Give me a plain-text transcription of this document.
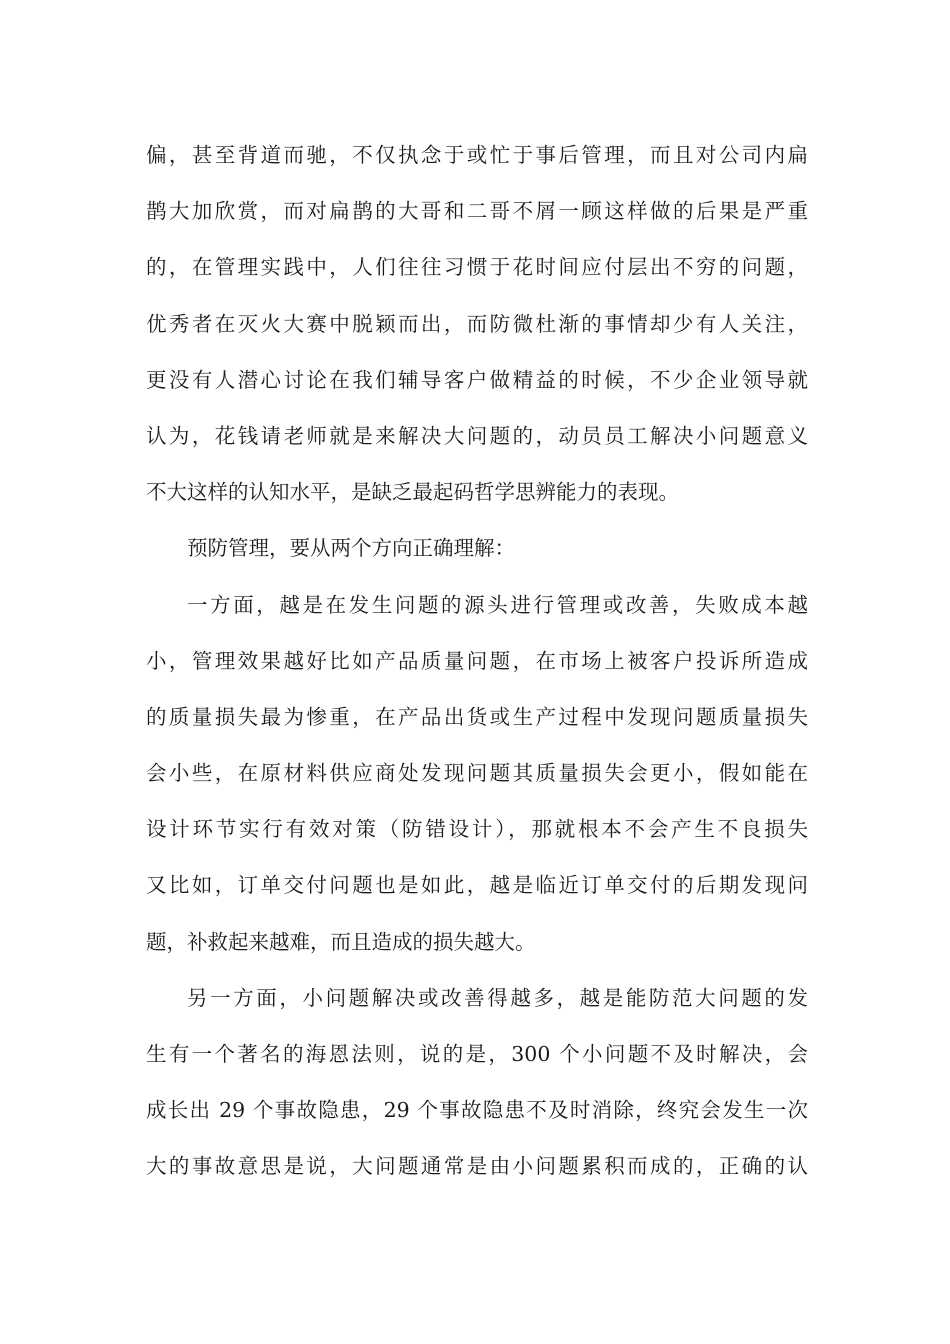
偏，甚至背道而驰，不仅执念于或忙于事后管理，而且对公司内扁
鹊大加欣赏，而对扁鹊的大哥和二哥不屑一顾这样做的后果是严重
的，在管理实践中，人们往往习惯于花时间应付层出不穷的问题，
优秀者在灭火大赛中脱颖而出，而防微杜渐的事情却少有人关注，
更没有人潜心讨论在我们辅导客户做精益的时候，不少企业领导就
认为，花钱请老师就是来解决大问题的，动员员工解决小问题意义
不大这样的认知水平，是缺乏最起码哲学思辨能力的表现。
预防管理，要从两个方向正确理解：
一方面，越是在发生问题的源头进行管理或改善，失败成本越
小，管理效果越好比如产品质量问题，在市场上被客户投诉所造成
的质量损失最为惨重，在产品出货或生产过程中发现问题质量损失
会小些，在原材料供应商处发现问题其质量损失会更小，假如能在
设计环节实行有效对策（防错设计），那就根本不会产生不良损失
又比如，订单交付问题也是如此，越是临近订单交付的后期发现问
题，补救起来越难，而且造成的损失越大。
另一方面，小问题解决或改善得越多，越是能防范大问题的发
生有一个著名的海恩法则，说的是，300 个小问题不及时解决，会
成长出 29 个事故隐患，29 个事故隐患不及时消除，终究会发生一次
大的事故意思是说，大问题通常是由小问题累积而成的，正确的认
